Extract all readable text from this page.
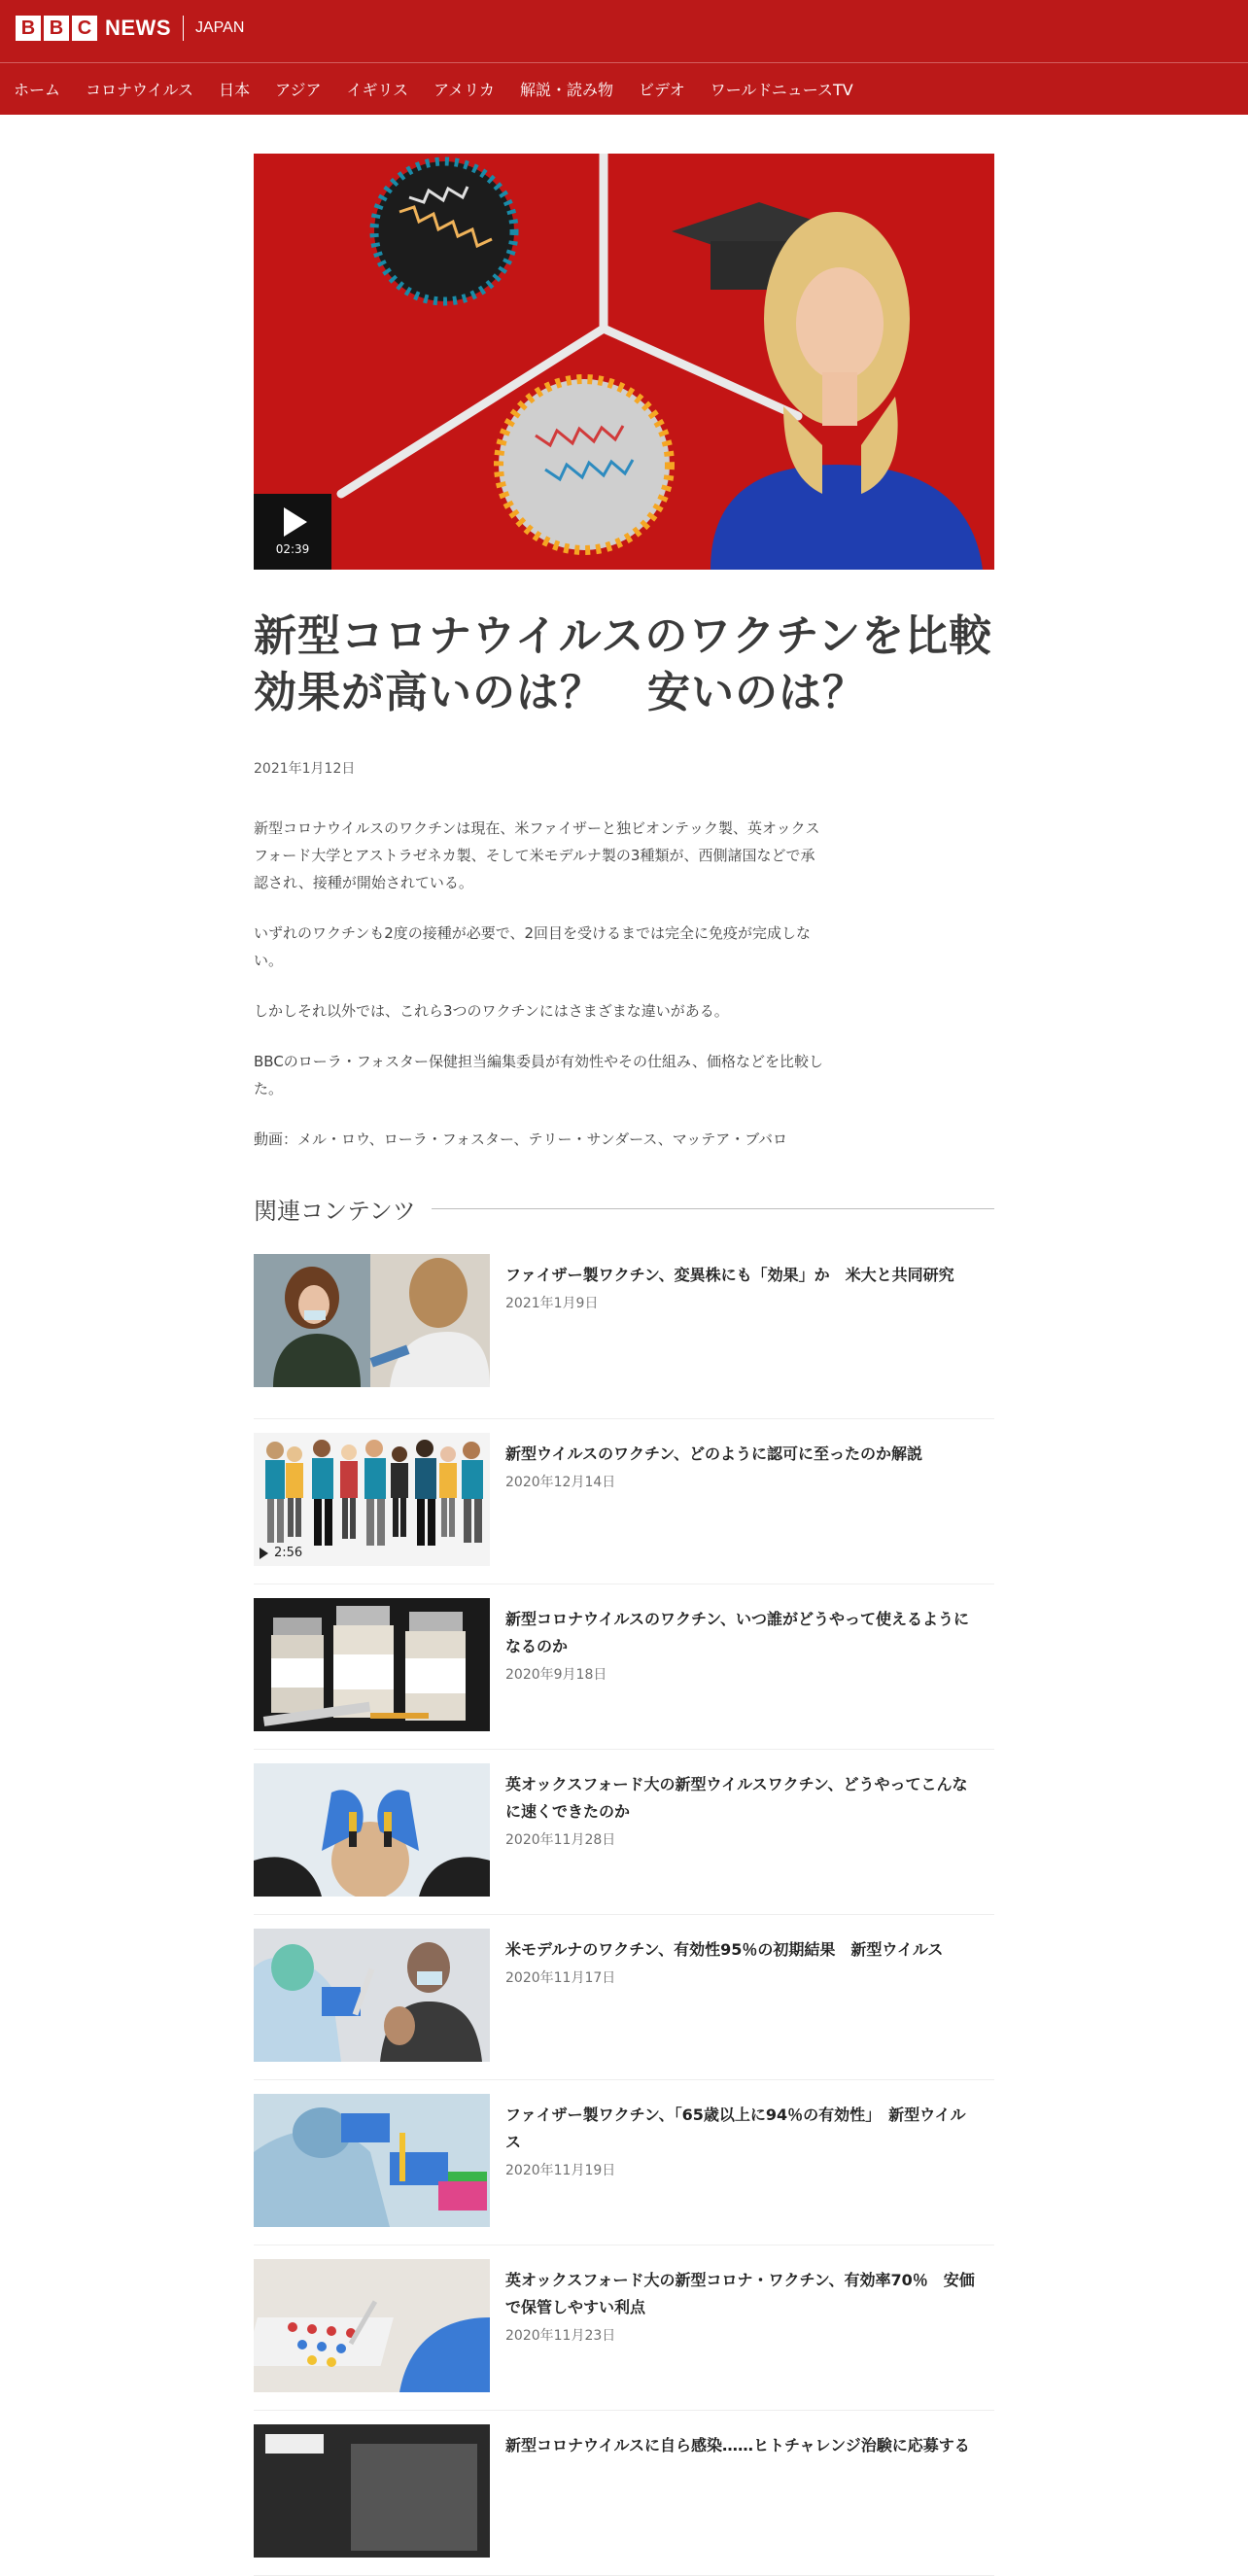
B B C NEWS JAPAN
ホーム コロナウイルス 日本 アジア イギリス アメリカ 解説・読み物 ビデオ ワールドニュースTV
02:39
新型コロナウイルスのワクチンを比較　効果が高いのは？　安いのは？
2021年1月12日

新型コロナウイルスのワクチンは現在、米ファイザーと独ビオンテック製、英オックスフォード大学とアストラゼネカ製、そして米モデルナ製の3種類が、西側諸国などで承認され、接種が開始されている。

いずれのワクチンも2度の接種が必要で、2回目を受けるまでは完全に免疫が完成しない。

しかしそれ以外では、これら3つのワクチンにはさまざまな違いがある。

BBCのローラ・フォスター保健担当編集委員が有効性やその仕組み、価格などを比較した。

動画：メル・ロウ、ローラ・フォスター、テリー・サンダース、マッテア・ブバロ

関連コンテンツ
ファイザー製ワクチン、変異株にも「効果」か　米大と共同研究
2021年1月9日
2:56
新型ウイルスのワクチン、どのように認可に至ったのか解説
2020年12月14日
新型コロナウイルスのワクチン、いつ誰がどうやって使えるようになるのか
2020年9月18日
英オックスフォード大の新型ウイルスワクチン、どうやってこんなに速くできたのか
2020年11月28日
米モデルナのワクチン、有効性95％の初期結果　新型ウイルス
2020年11月17日
ファイザー製ワクチン、「65歳以上に94％の有効性」　新型ウイルス
2020年11月19日
英オックスフォード大の新型コロナ・ワクチン、有効率70％　安価で保管しやすい利点
2020年11月23日
新型コロナウイルスに自ら感染……ヒトチャレンジ治験に応募する
